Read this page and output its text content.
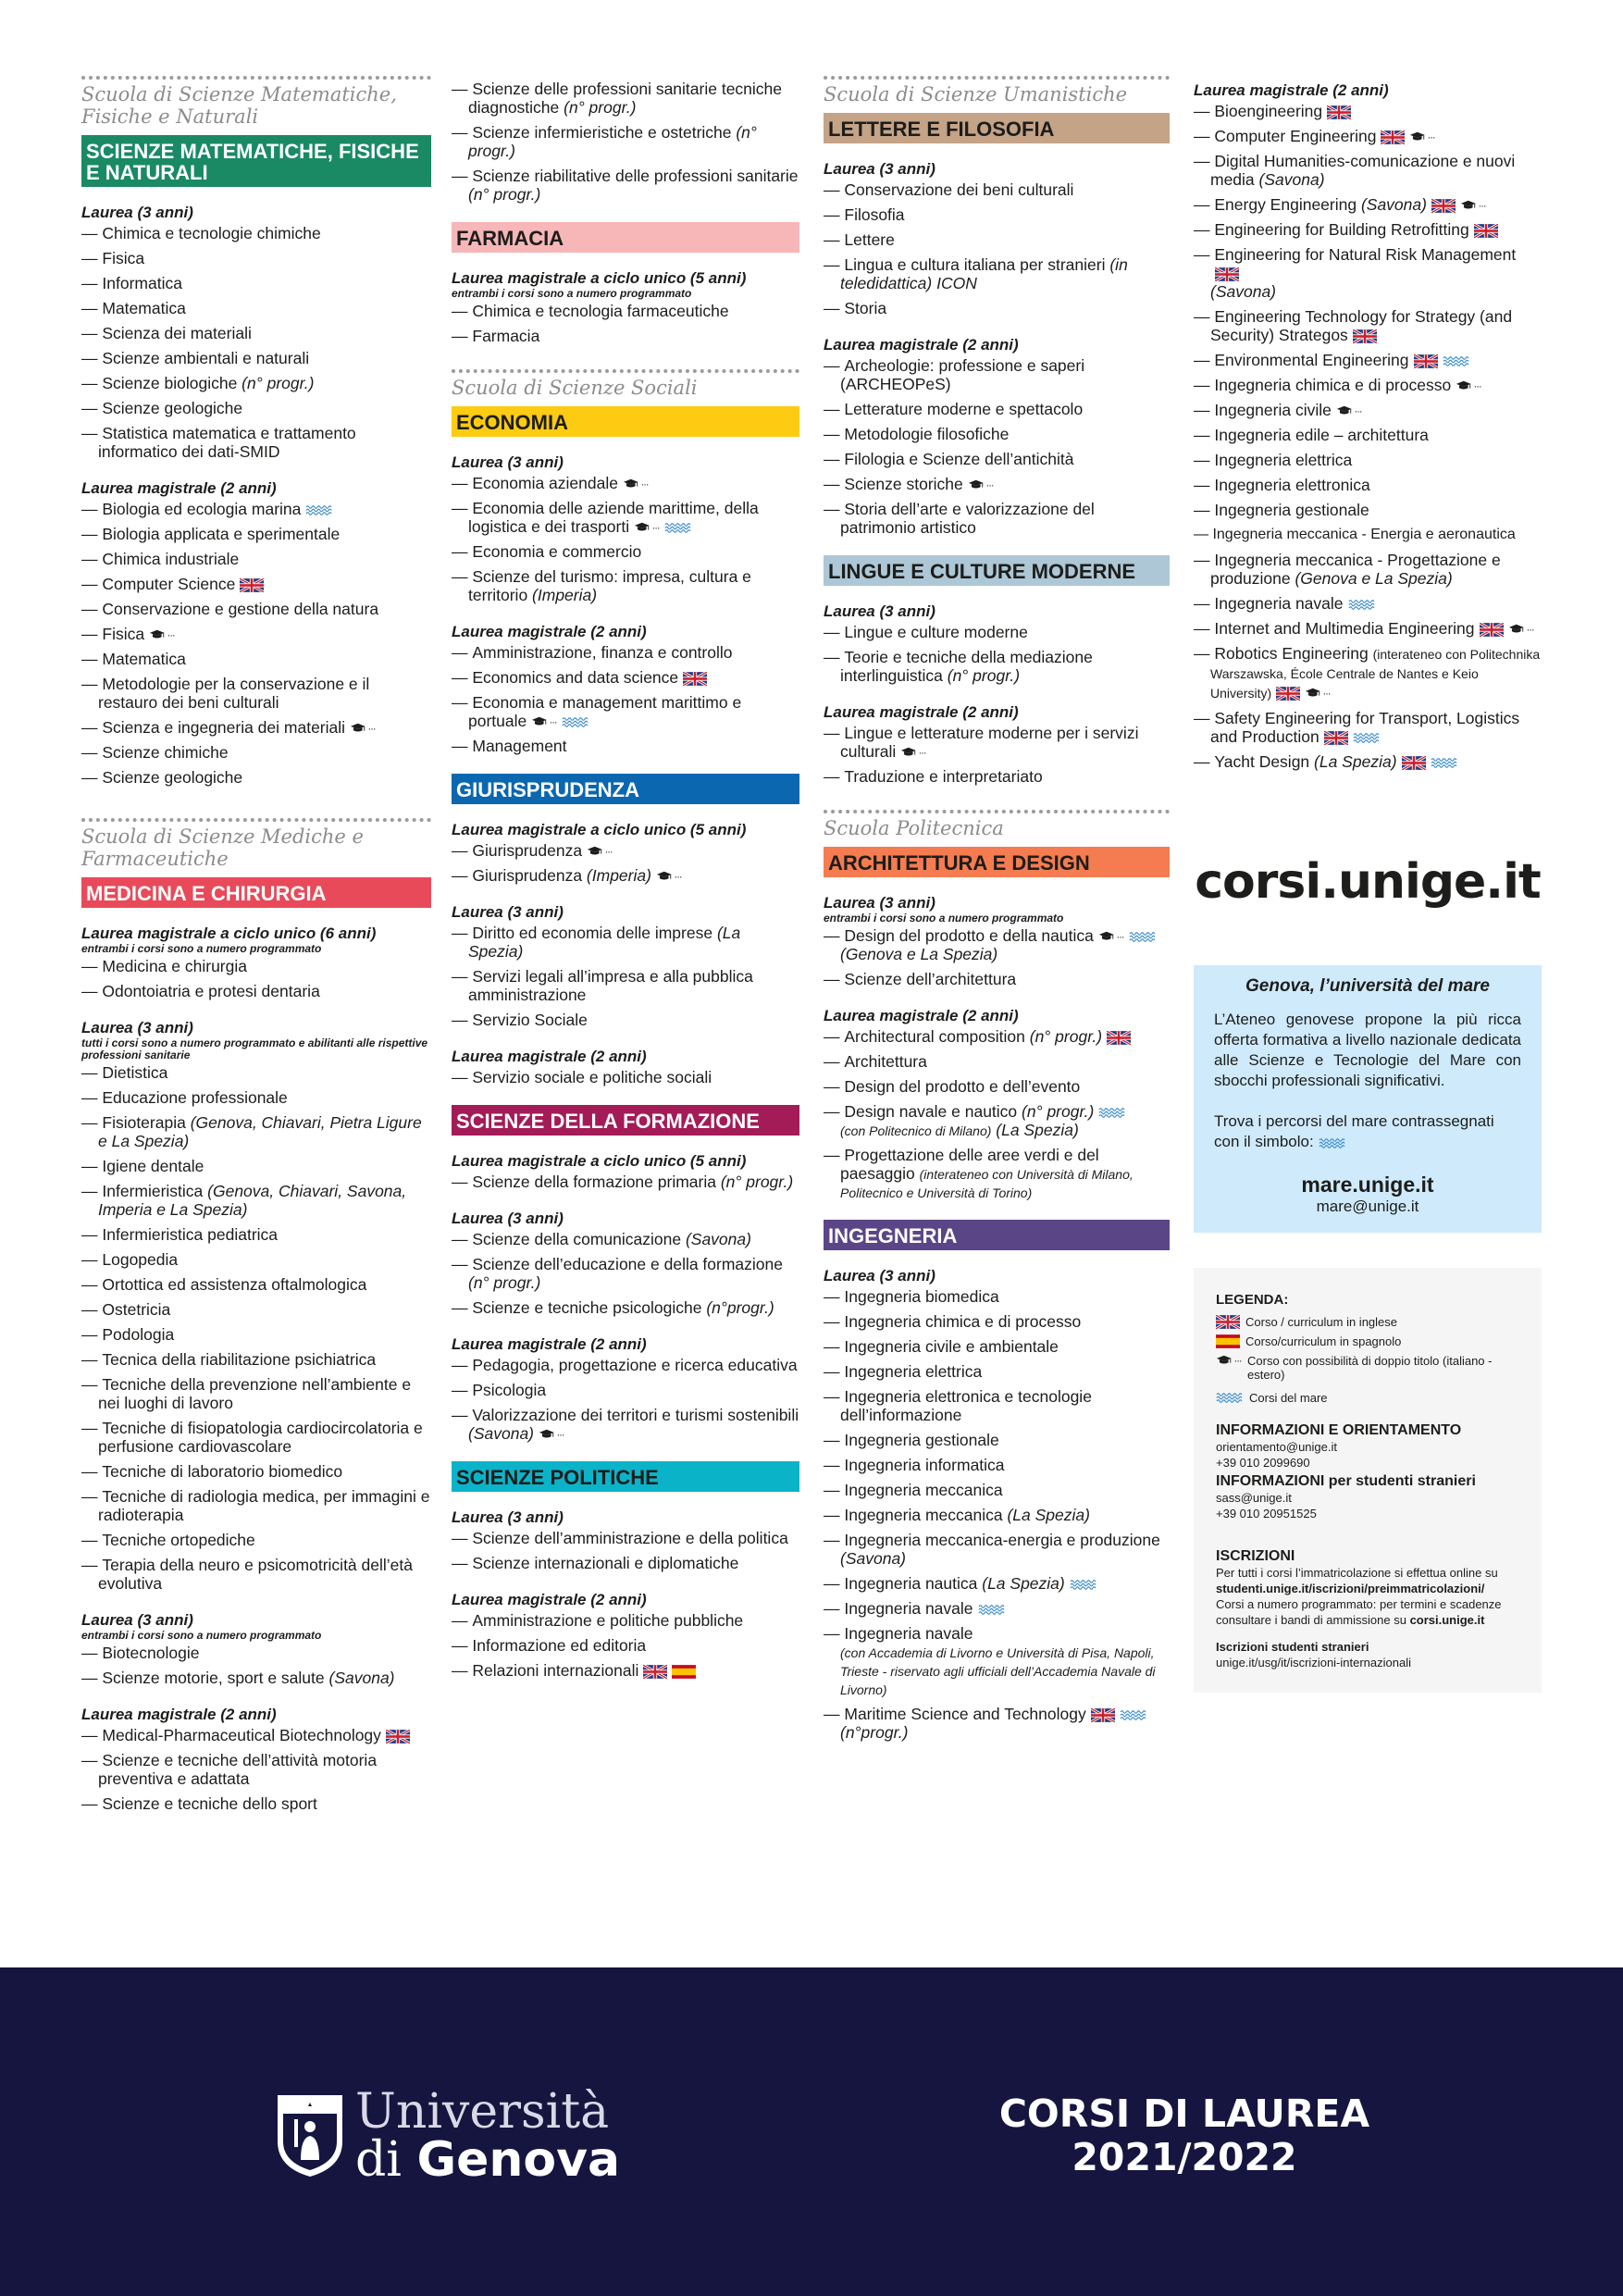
Scuola di Scienze Matematiche, Fisiche e Naturali
SCIENZE MATEMATICHE, FISICHE E NATURALI
Laurea (3 anni)
— Chimica e tecnologie chimiche
— Fisica
— Informatica
— Matematica
— Scienza dei materiali
— Scienze ambientali e naturali
— Scienze biologiche (n° progr.)
— Scienze geologiche
— Statistica matematica e trattamento informatico dei dati-SMID
Laurea magistrale (2 anni)
— Biologia ed ecologia marina
— Biologia applicata e sperimentale
— Chimica industriale
— Computer Science
— Conservazione e gestione della natura
— Fisica
— Matematica
— Metodologie per la conservazione e il restauro dei beni culturali
— Scienza e ingegneria dei materiali
— Scienze chimiche
— Scienze geologiche
Scuola di Scienze Mediche e Farmaceutiche
MEDICINA E CHIRURGIA
Laurea magistrale a ciclo unico (6 anni)
entrambi i corsi sono a numero programmato
— Medicina e chirurgia
— Odontoiatria e protesi dentaria
Laurea (3 anni)
tutti i corsi sono a numero programmato e abilitanti alle rispettive professioni sanitarie
— Dietistica
— Educazione professionale
— Fisioterapia (Genova, Chiavari, Pietra Ligure e La Spezia)
— Igiene dentale
— Infermieristica (Genova, Chiavari, Savona, Imperia e La Spezia)
— Infermieristica pediatrica
— Logopedia
— Ortottica ed assistenza oftalmologica
— Ostetricia
— Podologia
— Tecnica della riabilitazione psichiatrica
— Tecniche della prevenzione nell’ambiente e nei luoghi di lavoro
— Tecniche di fisiopatologia cardiocircolatoria e perfusione cardiovascolare
— Tecniche di laboratorio biomedico
— Tecniche di radiologia medica, per immagini e radioterapia
— Tecniche ortopediche
— Terapia della neuro e psicomotricità dell’età evolutiva
Laurea (3 anni)
entrambi i corsi sono a numero programmato
— Biotecnologie
— Scienze motorie, sport e salute (Savona)
Laurea magistrale (2 anni)
— Medical-Pharmaceutical Biotechnology
— Scienze e tecniche dell’attività motoria preventiva e adattata
— Scienze e tecniche dello sport
— Scienze delle professioni sanitarie tecniche diagnostiche (n° progr.)
— Scienze infermieristiche e ostetriche (n° progr.)
— Scienze riabilitative delle professioni sanitarie (n° progr.)
FARMACIA
Laurea magistrale a ciclo unico (5 anni)
entrambi i corsi sono a numero programmato
— Chimica e tecnologia farmaceutiche
— Farmacia
Scuola di Scienze Sociali
ECONOMIA
Laurea (3 anni)
— Economia aziendale
— Economia delle aziende marittime, della logistica e dei trasporti
— Economia e commercio
— Scienze del turismo: impresa, cultura e territorio (Imperia)
Laurea magistrale (2 anni)
— Amministrazione, finanza e controllo
— Economics and data science
— Economia e management marittimo e portuale
— Management
GIURISPRUDENZA
Laurea magistrale a ciclo unico (5 anni)
— Giurisprudenza
— Giurisprudenza (Imperia)
Laurea (3 anni)
— Diritto ed economia delle imprese (La Spezia)
— Servizi legali all’impresa e alla pubblica amministrazione
— Servizio Sociale
Laurea magistrale (2 anni)
— Servizio sociale e politiche sociali
SCIENZE DELLA FORMAZIONE
Laurea magistrale a ciclo unico (5 anni)
— Scienze della formazione primaria (n° progr.)
Laurea (3 anni)
— Scienze della comunicazione (Savona)
— Scienze dell’educazione e della formazione (n° progr.)
— Scienze e tecniche psicologiche (n°progr.)
Laurea magistrale (2 anni)
— Pedagogia, progettazione e ricerca educativa
— Psicologia
— Valorizzazione dei territori e turismi sostenibili (Savona)
SCIENZE POLITICHE
Laurea (3 anni)
— Scienze dell’amministrazione e della politica
— Scienze internazionali e diplomatiche
Laurea magistrale (2 anni)
— Amministrazione e politiche pubbliche
— Informazione ed editoria
— Relazioni internazionali
Scuola di Scienze Umanistiche
LETTERE E FILOSOFIA
Laurea (3 anni)
— Conservazione dei beni culturali
— Filosofia
— Lettere
— Lingua e cultura italiana per stranieri (in teledidattica) ICON
— Storia
Laurea magistrale (2 anni)
— Archeologie: professione e saperi (ARCHEOPeS)
— Letterature moderne e spettacolo
— Metodologie filosofiche
— Filologia e Scienze dell’antichità
— Scienze storiche
— Storia dell’arte e valorizzazione del patrimonio artistico
LINGUE E CULTURE MODERNE
Laurea (3 anni)
— Lingue e culture moderne
— Teorie e tecniche della mediazione interlinguistica (n° progr.)
Laurea magistrale (2 anni)
— Lingue e letterature moderne per i servizi culturali
— Traduzione e interpretariato
Scuola Politecnica
ARCHITETTURA E DESIGN
Laurea (3 anni)
entrambi i corsi sono a numero programmato
— Design del prodotto e della nautica
(Genova e La Spezia)
— Scienze dell’architettura
Laurea magistrale (2 anni)
— Architectural composition (n° progr.)
— Architettura
— Design del prodotto e dell’evento
— Design navale e nautico (n° progr.)
(con Politecnico di Milano) (La Spezia)
— Progettazione delle aree verdi e del paesaggio (interateneo con Università di Milano, Politecnico e Università di Torino)
INGEGNERIA
Laurea (3 anni)
— Ingegneria biomedica
— Ingegneria chimica e di processo
— Ingegneria civile e ambientale
— Ingegneria elettrica
— Ingegneria elettronica e tecnologie dell’informazione
— Ingegneria gestionale
— Ingegneria informatica
— Ingegneria meccanica
— Ingegneria meccanica (La Spezia)
— Ingegneria meccanica-energia e produzione (Savona)
— Ingegneria nautica (La Spezia)
— Ingegneria navale
— Ingegneria navale
(con Accademia di Livorno e Università di Pisa, Napoli, Trieste - riservato agli ufficiali dell’Accademia Navale di Livorno)
— Maritime Science and Technology
(n°progr.)
Laurea magistrale (2 anni)
— Bioengineering
— Computer Engineering
— Digital Humanities-comunicazione e nuovi media (Savona)
— Energy Engineering (Savona)
— Engineering for Building Retrofitting
— Engineering for Natural Risk Management
(Savona)
— Engineering Technology for Strategy (and Security) Strategos
— Environmental Engineering
— Ingegneria chimica e di processo
— Ingegneria civile
— Ingegneria edile – architettura
— Ingegneria elettrica
— Ingegneria elettronica
— Ingegneria gestionale
— Ingegneria meccanica - Energia e aeronautica
— Ingegneria meccanica - Progettazione e produzione (Genova e La Spezia)
— Ingegneria navale
— Internet and Multimedia Engineering
— Robotics Engineering (interateneo con Politechnika Warszawska, École Centrale de Nantes e Keio University)
— Safety Engineering for Transport, Logistics and Production
— Yacht Design (La Spezia)
corsi.unige.it
Genova, l’università del mare
L’Ateneo genovese propone la più ricca offerta formativa a livello nazionale dedicata alle Scienze e Tecnologie del Mare con sbocchi professionali significativi.
Trova i percorsi del mare contrassegnati con il simbolo:
mare.unige.it
mare@unige.it
LEGENDA:
Corso / curriculum in inglese
Corso/curriculum in spagnolo
Corso con possibilità di doppio titolo (italiano - estero)
Corsi del mare
INFORMAZIONI E ORIENTAMENTO
orientamento@unige.it
+39 010 2099690
INFORMAZIONI per studenti stranieri
sass@unige.it
+39 010 20951525
ISCRIZIONI
Per tutti i corsi l’immatricolazione si effettua online su
studenti.unige.it/iscrizioni/preimmatricolazioni/
Corsi a numero programmato: per termini e scadenze consultare i bandi di ammissione su corsi.unige.it
Iscrizioni studenti stranieri
unige.it/usg/it/iscrizioni-internazionali
Università
di Genova
CORSI DI LAUREA
2021/2022
